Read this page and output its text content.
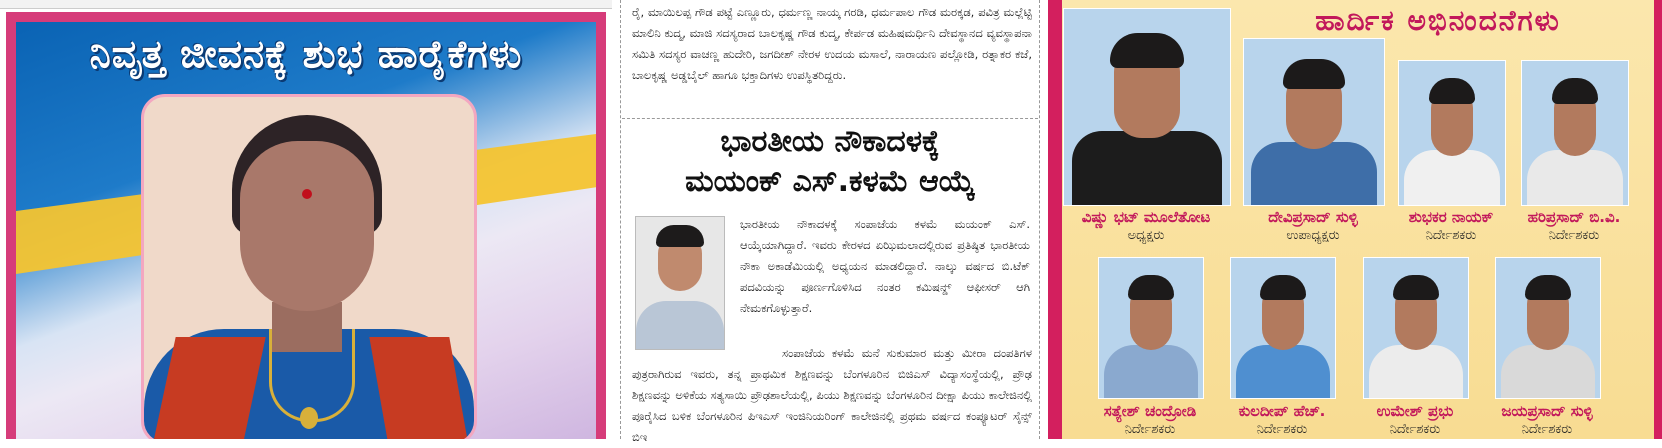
ನಿವೃತ್ತ ಜೀವನಕ್ಕೆ ಶುಭ ಹಾರೈಕೆಗಳು
ರೈ, ಮಾಯಿಲಪ್ಪ ಗೌಡ ಪಟ್ಟೆ ಎಣ್ಣೂರು, ಧರ್ಮಣ್ಣ ನಾಯ್ಕ ಗರಡಿ, ಧರ್ಮಪಾಲ ಗೌಡ ಮರಕ್ಕಡ, ಪವಿತ್ರ ಮಲ್ಲೆಟ್ಟಿ ಮಾಲಿನಿ ಕುದ್ಮ, ಮಾಜಿ ಸದಸ್ಯರಾದ ಬಾಲಕೃಷ್ಣ ಗೌಡ ಕುದ್ಮ, ಕೇರ್ಪಡ ಮಹಿಷಮರ್ಧಿನಿ ದೇವಸ್ಥಾನದ ವ್ಯವಸ್ಥಾಪನಾ ಸಮಿತಿ ಸದಸ್ಯರ ವಾಚಣ್ಣ ಹುದೇರಿ, ಜಗದೀಶ್ ನೇರಳ ಉದಯ ಮಸಾಲೆ, ನಾರಾಯಣ ಪಲ್ಲೋಡಿ, ರತ್ನಾಕರ ಕಜೆ, ಬಾಲಕೃಷ್ಣ ಅಡ್ಡಬೈಲ್ ಹಾಗೂ ಭಕ್ತಾದಿಗಳು ಉಪಸ್ಥಿತರಿದ್ದರು.
ಭಾರತೀಯ ನೌಕಾದಳಕ್ಕೆ
ಮಯಂಕ್ ಎಸ್.ಕಳಮೆ ಆಯ್ಕೆ
ಭಾರತೀಯ ನೌಕಾದಳಕ್ಕೆ ಸಂಪಾಜೆಯ ಕಳಮೆ ಮಯಂಕ್ ಎಸ್. ಆಯ್ಕೆಯಾಗಿದ್ದಾರೆ. ಇವರು ಕೇರಳದ ಏಝಿಮಲಾದಲ್ಲಿರುವ ಪ್ರತಿಷ್ಠಿತ ಭಾರತೀಯ ನೌಕಾ ಅಕಾಡೆಮಿಯಲ್ಲಿ ಅಧ್ಯಯನ ಮಾಡಲಿದ್ದಾರೆ. ನಾಲ್ಕು ವರ್ಷದ ಬಿ.ಟೆಕ್ ಪದವಿಯನ್ನು ಪೂರ್ಣಗೊಳಿಸಿದ ನಂತರ ಕಮಿಷನ್ಡ್ ಆಫೀಸರ್ ಆಗಿ ನೇಮಕಗೊಳ್ಳುತ್ತಾರೆ.
ಸಂಪಾಜೆಯ ಕಳಮೆ ಮನೆ ಸುಕುಮಾರ ಮತ್ತು ಮೀರಾ ದಂಪತಿಗಳ ಪುತ್ರರಾಗಿರುವ ಇವರು, ತನ್ನ ಪ್ರಾಥಮಿಕ ಶಿಕ್ಷಣವನ್ನು ಬೆಂಗಳೂರಿನ ಬಿಜಿಎಸ್ ವಿದ್ಯಾಸಂಸ್ಥೆಯಲ್ಲಿ, ಪ್ರೌಢ ಶಿಕ್ಷಣವನ್ನು ಅಳಿಕೆಯ ಸತ್ಯಸಾಯಿ ಪ್ರೌಢಶಾಲೆಯಲ್ಲಿ, ಪಿಯು ಶಿಕ್ಷಣವನ್ನು ಬೆಂಗಳೂರಿನ ದೀಕ್ಷಾ ಪಿಯು ಕಾಲೇಜಿನಲ್ಲಿ ಪೂರೈಸಿದ ಬಳಿಕ ಬೆಂಗಳೂರಿನ ಪಿಇಎಸ್ ಇಂಜಿನಿಯರಿಂಗ್ ಕಾಲೇಜಿನಲ್ಲಿ ಪ್ರಥಮ ವರ್ಷದ ಕಂಪ್ಯೂಟರ್ ಸೈನ್ಸ್ ಬಿಇ
ಹಾರ್ದಿಕ ಅಭಿನಂದನೆಗಳು
ವಿಷ್ಣು ಭಟ್ ಮೂಲೆತೋಟ
ಅಧ್ಯಕ್ಷರು
ದೇವಿಪ್ರಸಾದ್ ಸುಳ್ಳಿ
ಉಪಾಧ್ಯಕ್ಷರು
ಶುಭಕರ ನಾಯಕ್
ನಿರ್ದೇಶಕರು
ಹರಿಪ್ರಸಾದ್ ಬಿ.ವಿ.
ನಿರ್ದೇಶಕರು
ಸತ್ಯೇಶ್ ಚಂದ್ರೋಡಿ
ನಿರ್ದೇಶಕರು
ಕುಲದೀಪ್ ಹೆಚ್.
ನಿರ್ದೇಶಕರು
ಉಮೇಶ್ ಪ್ರಭು
ನಿರ್ದೇಶಕರು
ಜಯಪ್ರಸಾದ್ ಸುಳ್ಳಿ
ನಿರ್ದೇಶಕರು
